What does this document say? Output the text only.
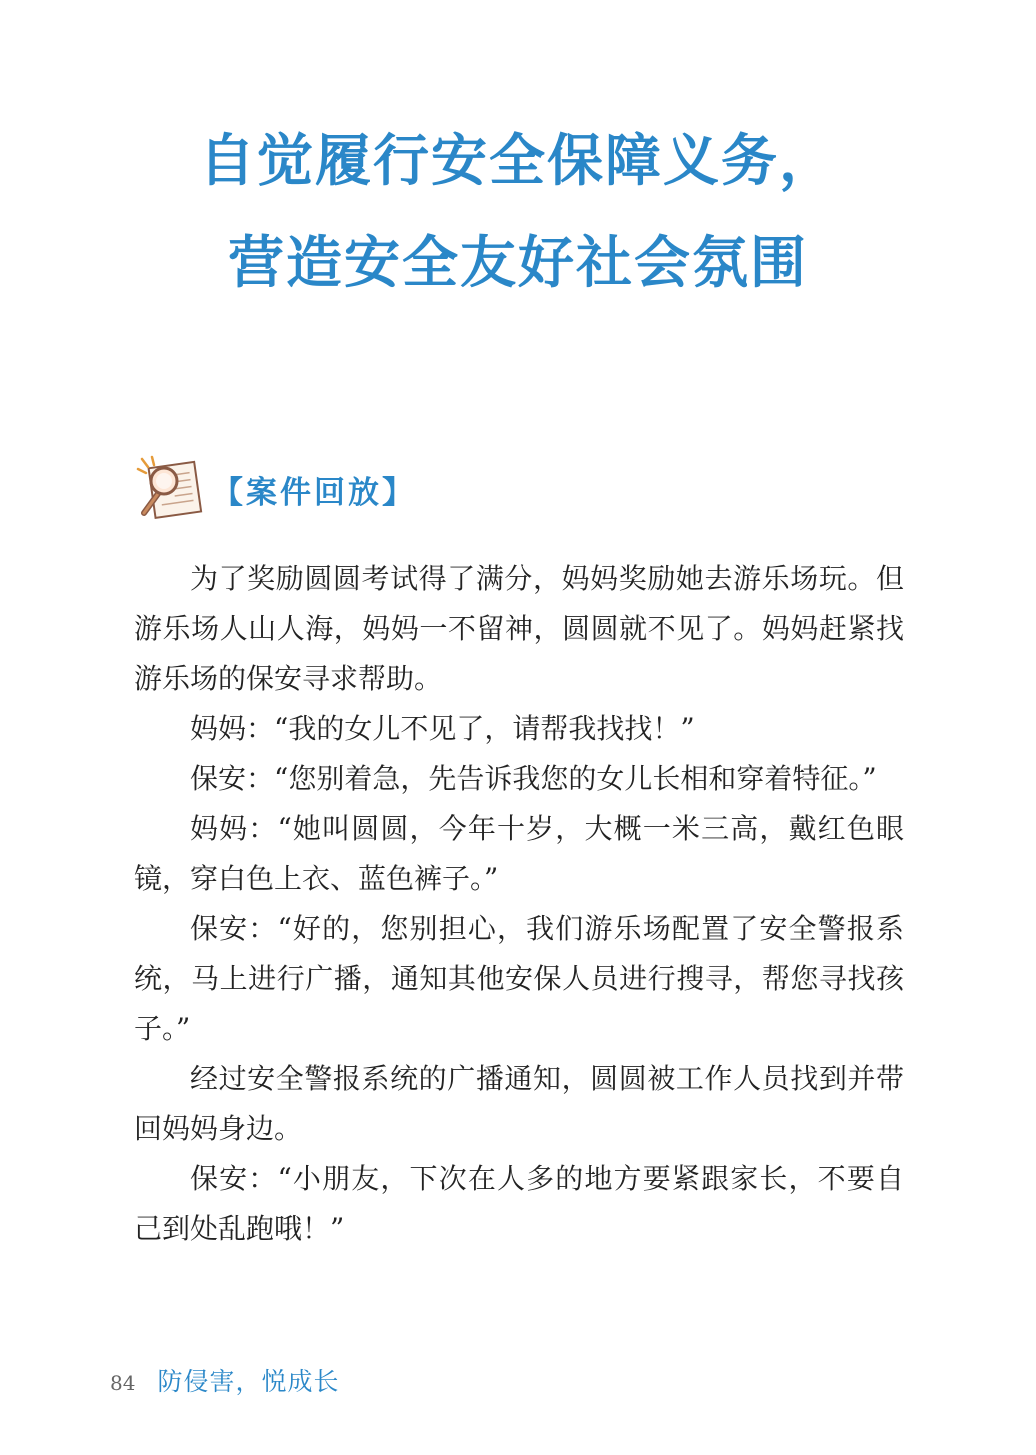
自觉履行安全保障义务，
营造安全友好社会氛围
【案件回放】

为了奖励圆圆考试得了满分，妈妈奖励她去游乐场玩。但游乐场人山人海，妈妈一不留神，圆圆就不见了。妈妈赶紧找游乐场的保安寻求帮助。

妈妈：“我的女儿不见了，请帮我找找！”

保安：“您别着急，先告诉我您的女儿长相和穿着特征。”

妈妈：“她叫圆圆，今年十岁，大概一米三高，戴红色眼镜，穿白色上衣、蓝色裤子。”

保安：“好的，您别担心，我们游乐场配置了安全警报系统，马上进行广播，通知其他安保人员进行搜寻，帮您寻找孩子。”

经过安全警报系统的广播通知，圆圆被工作人员找到并带回妈妈身边。

保安：“小朋友，下次在人多的地方要紧跟家长，不要自己到处乱跑哦！”

84 防侵害，悦成长
